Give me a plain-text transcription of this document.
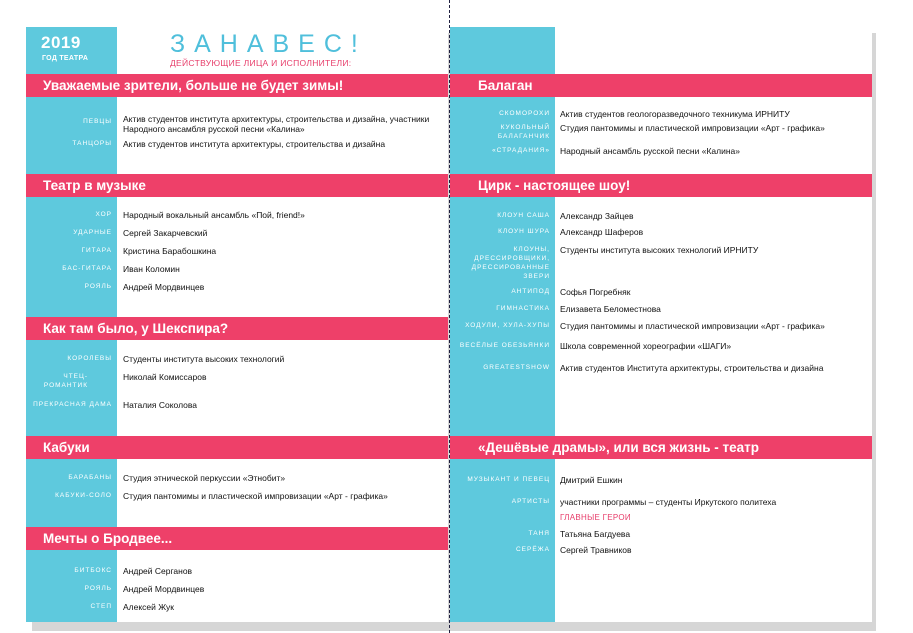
2019
ГОД ТЕАТРА
ЗАНАВЕС!
ДЕЙСТВУЮЩИЕ ЛИЦА И ИСПОЛНИТЕЛИ:
Уважаемые зрители, больше не будет зимы!
ПЕВЦЫ Актив студентов института архитектуры, строительства и дизайна, участники Народного ансамбля русской песни «Калина»
ТАНЦОРЫ Актив студентов института архитектуры, строительства и дизайна
Театр в музыке
ХОР Народный вокальный ансамбль «Пой, friend!»
УДАРНЫЕ Сергей Закарчевский
ГИТАРА Кристина Барабошкина
БАС-ГИТАРА Иван Коломин
РОЯЛЬ Андрей Мордвинцев
Как там было, у Шекспира?
КОРОЛЕВЫ Студенты института высоких технологий
ЧТЕЦ-РОМАНТИК
Николай Комиссаров
ПРЕКРАСНАЯ ДАМА Наталия Соколова
Кабуки
БАРАБАНЫ Студия этнической перкуссии «Этнобит»
КАБУКИ-СОЛО Студия пантомимы и пластической импровизации «Арт - графика»
Мечты о Бродвее...
БИТБОКС Андрей Серганов
РОЯЛЬ Андрей Мордвинцев
СТЕП Алексей Жук
Балаган
СКОМОРОХИ Актив студентов геологоразведочного техникума ИРНИТУ
КУКОЛЬНЫЙ БАЛАГАНЧИК
Студия пантомимы и пластической импровизации «Арт - графика»
«СТРАДАНИЯ» Народный ансамбль русской песни «Калина»
Цирк - настоящее шоу!
КЛОУН САША Александр Зайцев
КЛОУН ШУРА Александр Шаферов
КЛОУНЫ, ДРЕССИРОВЩИКИ, ДРЕССИРОВАННЫЕ ЗВЕРИ
Студенты института высоких технологий ИРНИТУ
АНТИПОД Софья Погребняк
ГИМНАСТИКА Елизавета Беломестнова
ХОДУЛИ, ХУЛА-ХУПЫ Студия пантомимы и пластической импровизации «Арт - графика»
ВЕСЁЛЫЕ ОБЕЗЬЯНКИ Школа современной хореографии «ШАГИ»
GREATESTSHOW Актив студентов Института архитектуры, строительства и дизайна
«Дешёвые драмы», или вся жизнь - театр
МУЗЫКАНТ И ПЕВЕЦ Дмитрий Ешкин
АРТИСТЫ участники программы – студенты Иркутского политеха
ГЛАВНЫЕ ГЕРОИ
ТАНЯ Татьяна Багдуева
СЕРЁЖА Сергей Травников
